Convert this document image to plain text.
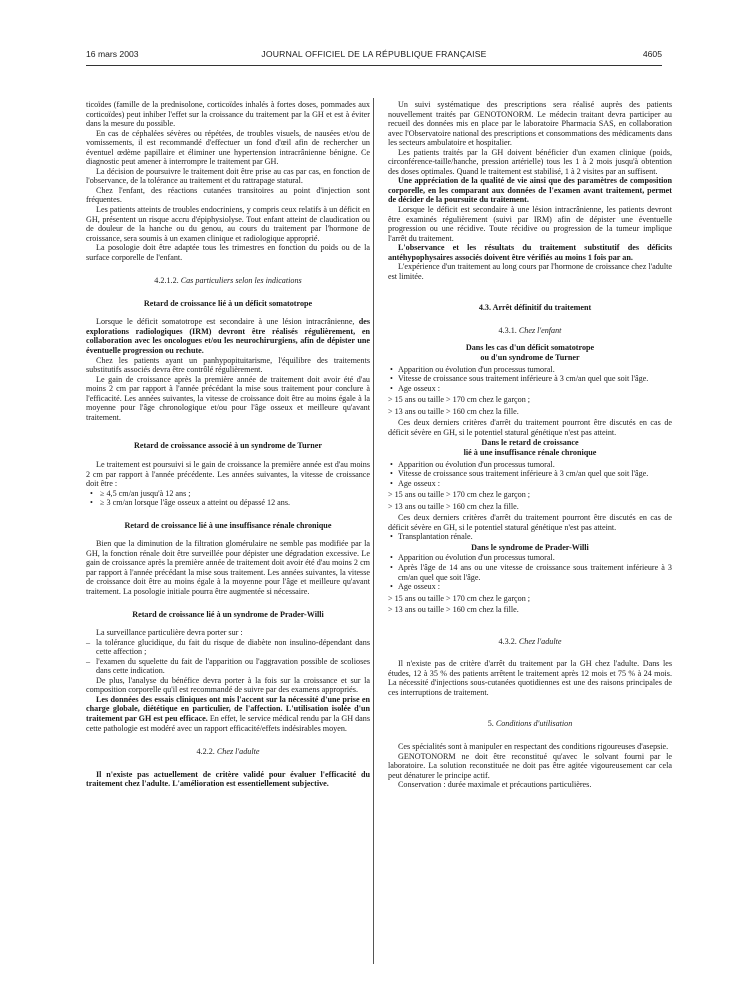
16 mars 2003	JOURNAL OFFICIEL DE LA RÉPUBLIQUE FRANÇAISE	4605

ticoïdes (famille de la prednisolone, corticoïdes inhalés à fortes doses, pommades aux corticoïdes) peut inhiber l'effet sur la croissance du traitement par la GH et est à éviter dans la mesure du possible.

En cas de céphalées sévères ou répétées, de troubles visuels, de nausées et/ou de vomissements, il est recommandé d'effectuer un fond d'œil afin de rechercher un éventuel œdème papillaire et éliminer une hypertension intracrânienne bénigne. Ce diagnostic peut amener à interrompre le traitement par GH.

La décision de poursuivre le traitement doit être prise au cas par cas, en fonction de l'observance, de la tolérance au traitement et du rattrapage statural.

Chez l'enfant, des réactions cutanées transitoires au point d'injection sont fréquentes.

Les patients atteints de troubles endocriniens, y compris ceux relatifs à un déficit en GH, présentent un risque accru d'épiphysiolyse. Tout enfant atteint de claudication ou de douleur de la hanche ou du genou, au cours du traitement par l'hormone de croissance, sera soumis à un examen clinique et radiologique approprié.

La posologie doit être adaptée tous les trimestres en fonction du poids ou de la surface corporelle de l'enfant.

4.2.1.2. Cas particuliers selon les indications

Retard de croissance lié à un déficit somatotrope

Lorsque le déficit somatotrope est secondaire à une lésion intracrânienne, des explorations radiologiques (IRM) devront être réalisés régulièrement, en collaboration avec les oncologues et/ou les neurochirurgiens, afin de dépister une éventuelle progression ou rechute.

Chez les patients ayant un panhypopituitarisme, l'équilibre des traitements substitutifs associés devra être contrôlé régulièrement.

Le gain de croissance après la première année de traitement doit avoir été d'au moins 2 cm par rapport à l'année précédant la mise sous traitement pour conclure à l'efficacité. Les années suivantes, la vitesse de croissance doit être au moins égale à la moyenne pour l'âge chronologique et/ou pour l'âge osseux et meilleure qu'avant traitement.

Retard de croissance associé à un syndrome de Turner

Le traitement est poursuivi si le gain de croissance la première année est d'au moins 2 cm par rapport à l'année précédente. Les années suivantes, la vitesse de croissance doit être :

• ≥ 4,5 cm/an jusqu'à 12 ans ;
• ≥ 3 cm/an lorsque l'âge osseux a atteint ou dépassé 12 ans.

Retard de croissance lié à une insuffisance rénale chronique

Bien que la diminution de la filtration glomérulaire ne semble pas modifiée par la GH, la fonction rénale doit être surveillée pour dépister une dégradation excessive. Le gain de croissance après la première année de traitement doit avoir été d'au moins 2 cm par rapport à l'année précédant la mise sous traitement. Les années suivantes, la vitesse de croissance doit être au moins égale à la moyenne pour l'âge et meilleure qu'avant traitement. La posologie initiale pourra être augmentée si nécessaire.

Retard de croissance lié à un syndrome de Prader-Willi

La surveillance particulière devra porter sur :

– la tolérance glucidique, du fait du risque de diabète non insulino-dépendant dans cette affection ;
– l'examen du squelette du fait de l'apparition ou l'aggravation possible de scolioses dans cette indication.

De plus, l'analyse du bénéfice devra porter à la fois sur la croissance et sur la composition corporelle qu'il est recommandé de suivre par des examens appropriés.

Les données des essais cliniques ont mis l'accent sur la nécessité d'une prise en charge globale, diététique en particulier, de l'affection. L'utilisation isolée d'un traitement par GH est peu efficace. En effet, le service médical rendu par la GH dans cette pathologie est modéré avec un rapport efficacité/effets indésirables moyen.

4.2.2. Chez l'adulte

Il n'existe pas actuellement de critère validé pour évaluer l'efficacité du traitement chez l'adulte. L'amélioration est essentiellement subjective.

Un suivi systématique des prescriptions sera réalisé auprès des patients nouvellement traités par GENOTONORM. Le médecin traitant devra participer au recueil des données mis en place par le laboratoire Pharmacia SAS, en collaboration avec l'Observatoire national des prescriptions et consommations des médicaments dans les secteurs ambulatoire et hospitalier.

Les patients traités par la GH doivent bénéficier d'un examen clinique (poids, circonférence-taille/hanche, pression artérielle) tous les 1 à 2 mois jusqu'à obtention des doses optimales. Quand le traitement est stabilisé, 1 à 2 visites par an suffisent.

Une appréciation de la qualité de vie ainsi que des paramètres de composition corporelle, en les comparant aux données de l'examen avant traitement, permet de décider de la poursuite du traitement.

Lorsque le déficit est secondaire à une lésion intracrânienne, les patients devront être examinés régulièrement (suivi par IRM) afin de dépister une éventuelle progression ou une récidive. Toute récidive ou progression de la tumeur implique l'arrêt du traitement.

L'observance et les résultats du traitement substitutif des déficits antéhypophysaires associés doivent être vérifiés au moins 1 fois par an.

L'expérience d'un traitement au long cours par l'hormone de croissance chez l'adulte est limitée.

4.3. Arrêt définitif du traitement

4.3.1. Chez l'enfant

Dans les cas d'un déficit somatotrope
ou d'un syndrome de Turner

• Apparition ou évolution d'un processus tumoral.
• Vitesse de croissance sous traitement inférieure à 3 cm/an quel que soit l'âge.
• Age osseux :

> 15 ans ou taille > 170 cm chez le garçon ;

> 13 ans ou taille > 160 cm chez la fille.

Ces deux derniers critères d'arrêt du traitement pourront être discutés en cas de déficit sévère en GH, si le potentiel statural génétique n'est pas atteint.

Dans le retard de croissance
lié à une insuffisance rénale chronique

• Apparition ou évolution d'un processus tumoral.
• Vitesse de croissance sous traitement inférieure à 3 cm/an quel que soit l'âge.
• Age osseux :

> 15 ans ou taille > 170 cm chez le garçon ;

> 13 ans ou taille > 160 cm chez la fille.

Ces deux derniers critères d'arrêt du traitement pourront être discutés en cas de déficit sévère en GH, si le potentiel statural génétique n'est pas atteint.

• Transplantation rénale.

Dans le syndrome de Prader-Willi

• Apparition ou évolution d'un processus tumoral.
• Après l'âge de 14 ans ou une vitesse de croissance sous traitement inférieure à 3 cm/an quel que soit l'âge.
• Age osseux :

> 15 ans ou taille > 170 cm chez le garçon ;

> 13 ans ou taille > 160 cm chez la fille.

4.3.2. Chez l'adulte

Il n'existe pas de critère d'arrêt du traitement par la GH chez l'adulte. Dans les études, 12 à 35 % des patients arrêtent le traitement après 12 mois et 75 % à 24 mois. La nécessité d'injections sous-cutanées quotidiennes est une des raisons principales de ces interruptions de traitement.

5. Conditions d'utilisation

Ces spécialités sont à manipuler en respectant des conditions rigoureuses d'asepsie.

GENOTONORM ne doit être reconstitué qu'avec le solvant fourni par le laboratoire. La solution reconstituée ne doit pas être agitée vigoureusement car cela peut dénaturer le principe actif.

Conservation : durée maximale et précautions particulières.
